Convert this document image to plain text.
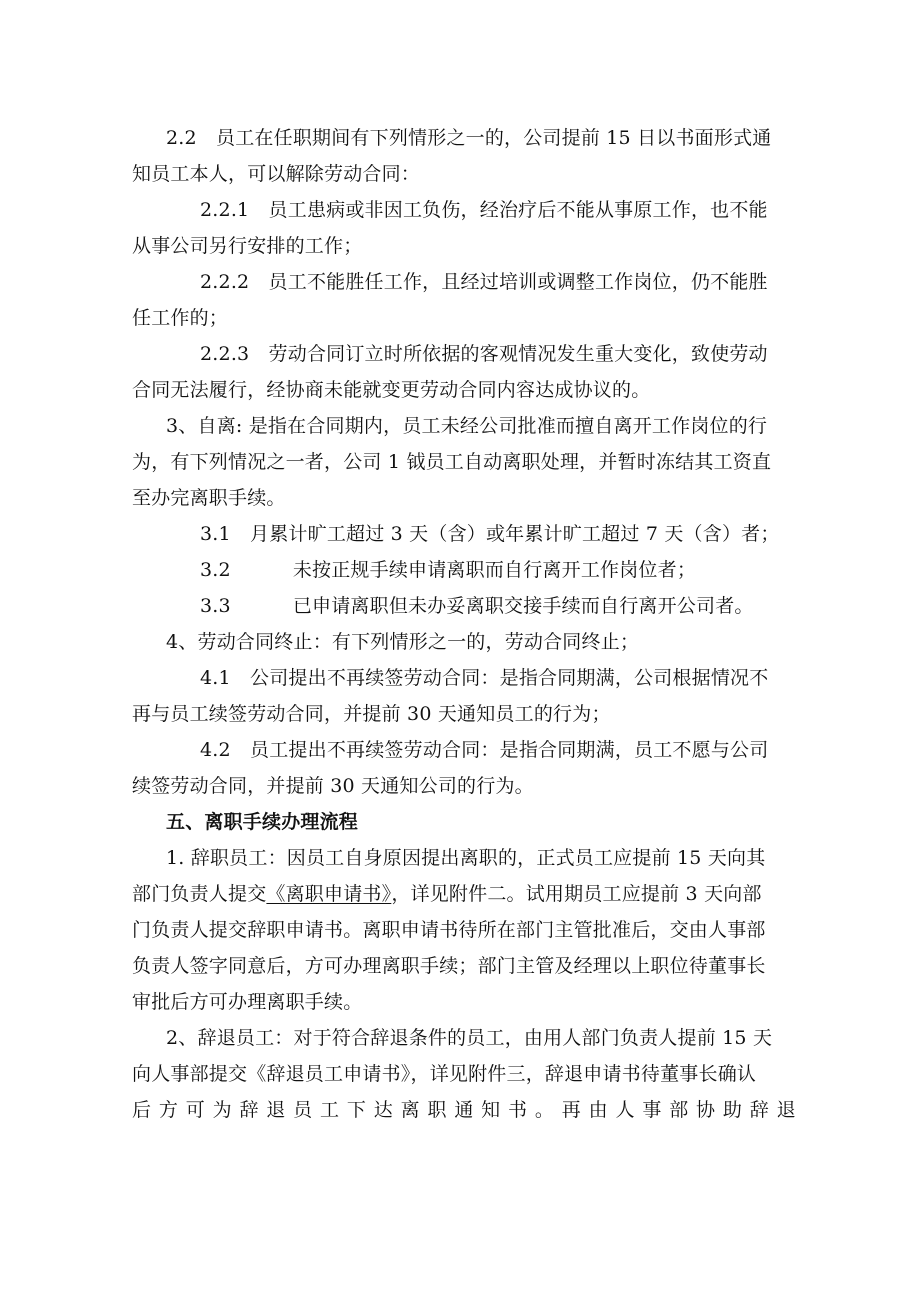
2.2　员工在任职期间有下列情形之一的，公司提前 15 日以书面形式通
知员工本人，可以解除劳动合同：
2.2.1　员工患病或非因工负伤，经治疗后不能从事原工作，也不能
从事公司另行安排的工作；
2.2.2　员工不能胜任工作，且经过培训或调整工作岗位，仍不能胜
任工作的；
2.2.3　劳动合同订立时所依据的客观情况发生重大变化，致使劳动
合同无法履行，经协商未能就变更劳动合同内容达成协议的。
3、自离: 是指在合同期内，员工未经公司批准而擅自离开工作岗位的行
为，有下列情况之一者，公司 1 钺员工自动离职处理，并暂时冻结其工资直
至办完离职手续。
3.1　月累计旷工超过 3 天（含）或年累计旷工超过 7 天（含）者；
3.2	未按正规手续申请离职而自行离开工作岗位者；
3.3	已申请离职但未办妥离职交接手续而自行离开公司者。
4、劳动合同终止：有下列情形之一的，劳动合同终止；
4.1　公司提出不再续签劳动合同：是指合同期满，公司根据情况不
再与员工续签劳动合同，并提前 30 天通知员工的行为；
4.2　员工提出不再续签劳动合同：是指合同期满，员工不愿与公司
续签劳动合同，并提前 30 天通知公司的行为。
五、离职手续办理流程
1. 辞职员工：因员工自身原因提出离职的，正式员工应提前 15 天向其
部门负责人提交《离职申请书》，详见附件二。试用期员工应提前 3 天向部
门负责人提交辞职申请书。离职申请书待所在部门主管批准后，交由人事部
负责人签字同意后，方可办理离职手续；部门主管及经理以上职位待董事长
审批后方可办理离职手续。
2、辞退员工：对于符合辞退条件的员工，由用人部门负责人提前 15 天
向人事部提交《辞退员工申请书》，详见附件三，辞退申请书待董事长确认
后 方 可 为 辞 退 员 工 下 达 离 职 通 知 书 。 再 由 人 事 部 协 助 辞 退
